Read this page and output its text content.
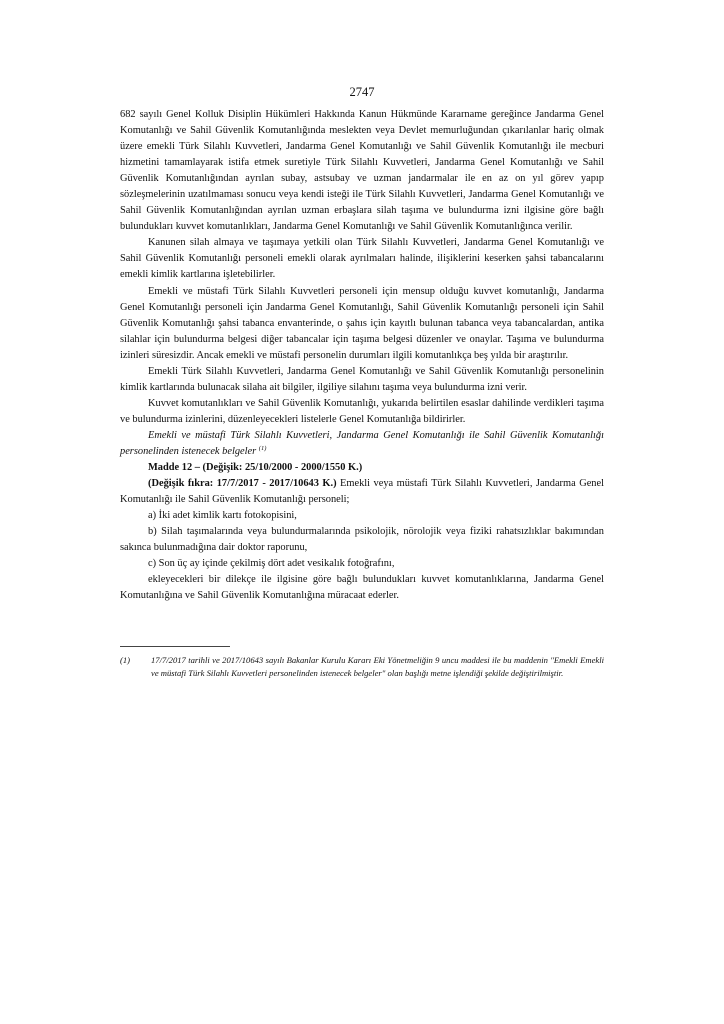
2747

682 sayılı Genel Kolluk Disiplin Hükümleri Hakkında Kanun Hükmünde Kararname gereğince Jandarma Genel Komutanlığı ve Sahil Güvenlik Komutanlığında meslekten veya Devlet memurluğundan çıkarılanlar hariç olmak üzere emekli Türk Silahlı Kuvvetleri, Jandarma Genel Komutanlığı ve Sahil Güvenlik Komutanlığı ile mecburi hizmetini tamamlayarak istifa etmek suretiyle Türk Silahlı Kuvvetleri, Jandarma Genel Komutanlığı ve Sahil Güvenlik Komutanlığından ayrılan subay, astsubay ve uzman jandarmalar ile en az on yıl görev yapıp sözleşmelerinin uzatılmaması sonucu veya kendi isteği ile Türk Silahlı Kuvvetleri, Jandarma Genel Komutanlığı ve Sahil Güvenlik Komutanlığından ayrılan uzman erbaşlara silah taşıma ve bulundurma izni ilgisine göre bağlı bulundukları kuvvet komutanlıkları, Jandarma Genel Komutanlığı ve Sahil Güvenlik Komutanlığınca verilir.

Kanunen silah almaya ve taşımaya yetkili olan Türk Silahlı Kuvvetleri, Jandarma Genel Komutanlığı ve Sahil Güvenlik Komutanlığı personeli emekli olarak ayrılmaları halinde, ilişiklerini keserken şahsi tabancalarını emekli kimlik kartlarına işletebilirler.

Emekli ve müstafi Türk Silahlı Kuvvetleri personeli için mensup olduğu kuvvet komutanlığı, Jandarma Genel Komutanlığı personeli için Jandarma Genel Komutanlığı, Sahil Güvenlik Komutanlığı personeli için Sahil Güvenlik Komutanlığı şahsi tabanca envanterinde, o şahıs için kayıtlı bulunan tabanca veya tabancalardan, antika silahlar için bulundurma belgesi diğer tabancalar için taşıma belgesi düzenler ve onaylar. Taşıma ve bulundurma izinleri süresizdir. Ancak emekli ve müstafi personelin durumları ilgili komutanlıkça beş yılda bir araştırılır.

Emekli Türk Silahlı Kuvvetleri, Jandarma Genel Komutanlığı ve Sahil Güvenlik Komutanlığı personelinin kimlik kartlarında bulunacak silaha ait bilgiler, ilgiliye silahını taşıma veya bulundurma izni verir.

Kuvvet komutanlıkları ve Sahil Güvenlik Komutanlığı, yukarıda belirtilen esaslar dahilinde verdikleri taşıma ve bulundurma izinlerini, düzenleyecekleri listelerle Genel Komutanlığa bildirirler.

Emekli ve müstafi Türk Silahlı Kuvvetleri, Jandarma Genel Komutanlığı ile Sahil Güvenlik Komutanlığı personelinden istenecek belgeler $^{(1)}$

Madde 12 – (Değişik: 25/10/2000 - 2000/1550 K.)

(Değişik fıkra: 17/7/2017 - 2017/10643 K.) Emekli veya müstafi Türk Silahlı Kuvvetleri, Jandarma Genel Komutanlığı ile Sahil Güvenlik Komutanlığı personeli;

a) İki adet kimlik kartı fotokopisini,

b) Silah taşımalarında veya bulundurmalarında psikolojik, nörolojik veya fiziki rahatsızlıklar bakımından sakınca bulunmadığına dair doktor raporunu,

c) Son üç ay içinde çekilmiş dört adet vesikalık fotoğrafını,

ekleyecekleri bir dilekçe ile ilgisine göre bağlı bulundukları kuvvet komutanlıklarına, Jandarma Genel Komutanlığına ve Sahil Güvenlik Komutanlığına müracaat ederler.

(1) 17/7/2017 tarihli ve 2017/10643 sayılı Bakanlar Kurulu Kararı Eki Yönetmeliğin 9 uncu maddesi ile bu maddenin "Emekli Emekli ve müstafi Türk Silahlı Kuvvetleri personelinden istenecek belgeler" olan başlığı metne işlendiği şekilde değiştirilmiştir.
